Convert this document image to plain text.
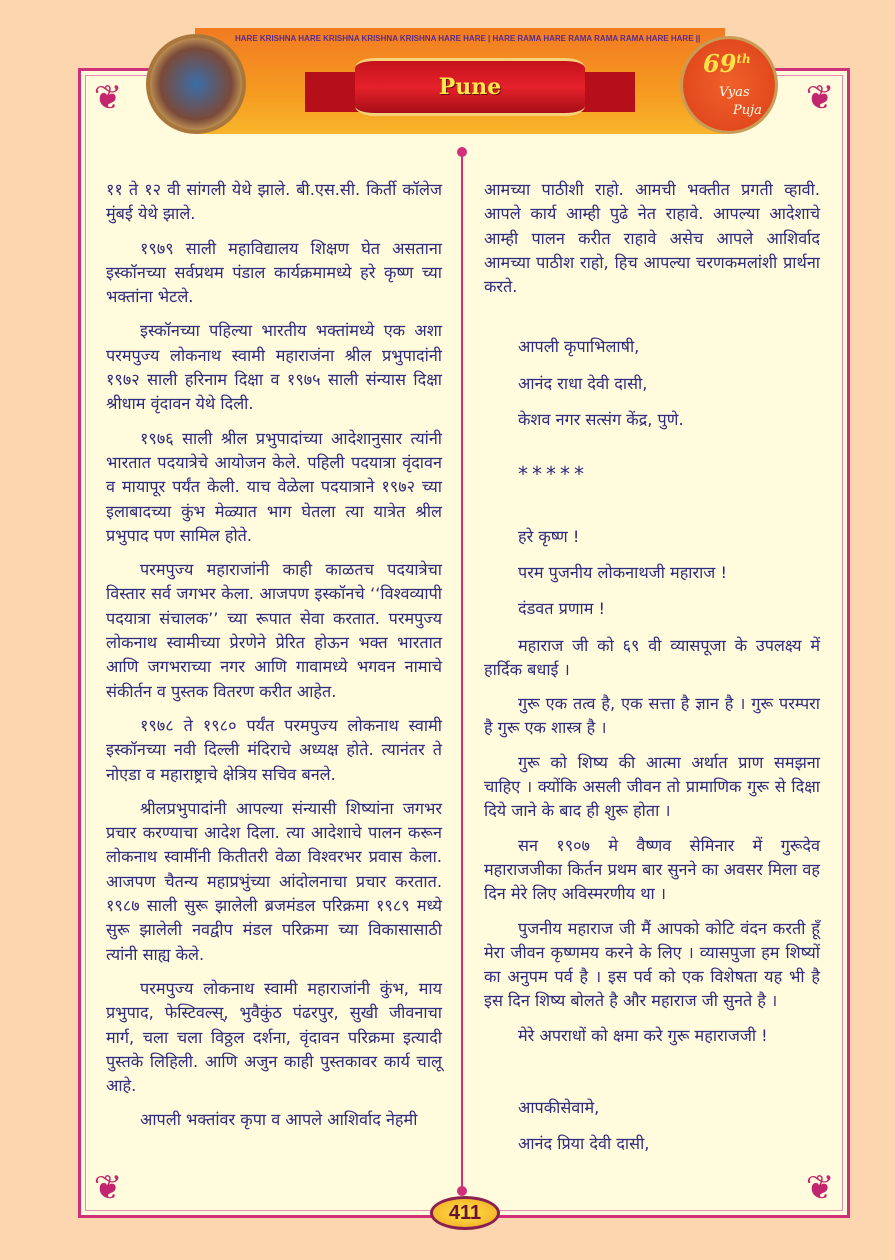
❦	❦
❦	❦
HARE KRISHNA HARE KRISHNA KRISHNA KRISHNA HARE HARE | HARE RAMA HARE RAMA RAMA RAMA HARE HARE ||
Pune
69th
Vyas
Puja

११ ते १२ वी सांगली येथे झाले. बी.एस.सी. किर्ती कॉलेज मुंबई येथे झाले.

१९७९ साली महाविद्यालय शिक्षण घेत असताना इस्कॉनच्या सर्वप्रथम पंडाल कार्यक्रमामध्ये हरे कृष्ण च्या भक्तांना भेटले.

इस्कॉनच्या पहिल्या भारतीय भक्तांमध्ये एक अशा परमपुज्य लोकनाथ स्वामी महाराजंना श्रील प्रभुपादांनी १९७२ साली हरिनाम दिक्षा व १९७५ साली संन्यास दिक्षा श्रीधाम वृंदावन येथे दिली.

१९७६ साली श्रील प्रभुपादांच्या आदेशानुसार त्यांनी भारतात पदयात्रेचे आयोजन केले. पहिली पदयात्रा वृंदावन व मायापूर पर्यंत केली. याच वेळेला पदयात्राने १९७२ च्या इलाबादच्या कुंभ मेळ्यात भाग घेतला त्या यात्रेत श्रील प्रभुपाद पण सामिल होते.

परमपुज्य महाराजांनी काही काळतच पदयात्रेचा विस्तार सर्व जगभर केला. आजपण इस्कॉनचे ‘‘विश्वव्यापी पदयात्रा संचालक’’ च्या रूपात सेवा करतात. परमपुज्य लोकनाथ स्वामीच्या प्रेरणेने प्रेरित होऊन भक्त भारतात आणि जगभराच्या नगर आणि गावामध्ये भगवन नामाचे संकीर्तन व पुस्तक वितरण करीत आहेत.

१९७८ ते १९८० पर्यंत परमपुज्य लोकनाथ स्वामी इस्कॉनच्या नवी दिल्ली मंदिराचे अध्यक्ष होते. त्यानंतर ते नोएडा व महाराष्ट्राचे क्षेत्रिय सचिव बनले.

श्रीलप्रभुपादांनी आपल्या संन्यासी शिष्यांना जगभर प्रचार करण्याचा आदेश दिला. त्या आदेशाचे पालन करून लोकनाथ स्वामींनी कितीतरी वेळा विश्वरभर प्रवास केला. आजपण चैतन्य महाप्रभुंच्या आंदोलनाचा प्रचार करतात. १९८७ साली सुरू झालेली ब्रजमंडल परिक्रमा १९८९ मध्ये सुरू झालेली नवद्वीप मंडल परिक्रमा च्या विकासासाठी त्यांनी साह्य केले.

परमपुज्य लोकनाथ स्वामी महाराजांनी कुंभ, माय प्रभुपाद, फेस्टिवल्स्, भुवैकुंठ पंढरपुर, सुखी जीवनाचा मार्ग, चला चला विठ्ठल दर्शना, वृंदावन परिक्रमा इत्यादी पुस्तके लिहिली. आणि अजुन काही पुस्तकावर कार्य चालू आहे.

आपली भक्तांवर कृपा व आपले आशिर्वाद नेहमी

आमच्या पाठीशी राहो. आमची भक्तीत प्रगती व्हावी. आपले कार्य आम्ही पुढे नेत राहावे. आपल्या आदेशाचे आम्ही पालन करीत राहावे असेच आपले आशिर्वाद आमच्या पाठीश राहो, हिच आपल्या चरणकमलांशी प्रार्थना करते.

आपली कृपाभिलाषी,

आनंद राधा देवी दासी,

केशव नगर सत्संग केंद्र, पुणे.

*****

हरे कृष्ण !

परम पुजनीय लोकनाथजी महाराज !

दंडवत प्रणाम !

महाराज जी को ६९ वी व्यासपूजा के उपलक्ष्य में हार्दिक बधाई ।

गुरू एक तत्व है, एक सत्ता है ज्ञान है । गुरू परम्परा है गुरू एक शास्त्र है ।

गुरू को शिष्य की आत्मा अर्थात प्राण समझना चाहिए । क्योंकि असली जीवन तो प्रामाणिक गुरू से दिक्षा दिये जाने के बाद ही शुरू होता ।

सन १९०७ मे वैष्णव सेमिनार में गुरूदेव महाराजजीका किर्तन प्रथम बार सुनने का अवसर मिला वह दिन मेरे लिए अविस्मरणीय था ।

पुजनीय महाराज जी मैं आपको कोटि वंदन करती हूँ मेरा जीवन कृष्णमय करने के लिए । व्यासपुजा हम शिष्यों का अनुपम पर्व है । इस पर्व को एक विशेषता यह भी है इस दिन शिष्य बोलते है और महाराज जी सुनते है ।

मेरे अपराधों को क्षमा करे गुरू महाराजजी !

आपकीसेवामे,

आनंद प्रिया देवी दासी,

411
